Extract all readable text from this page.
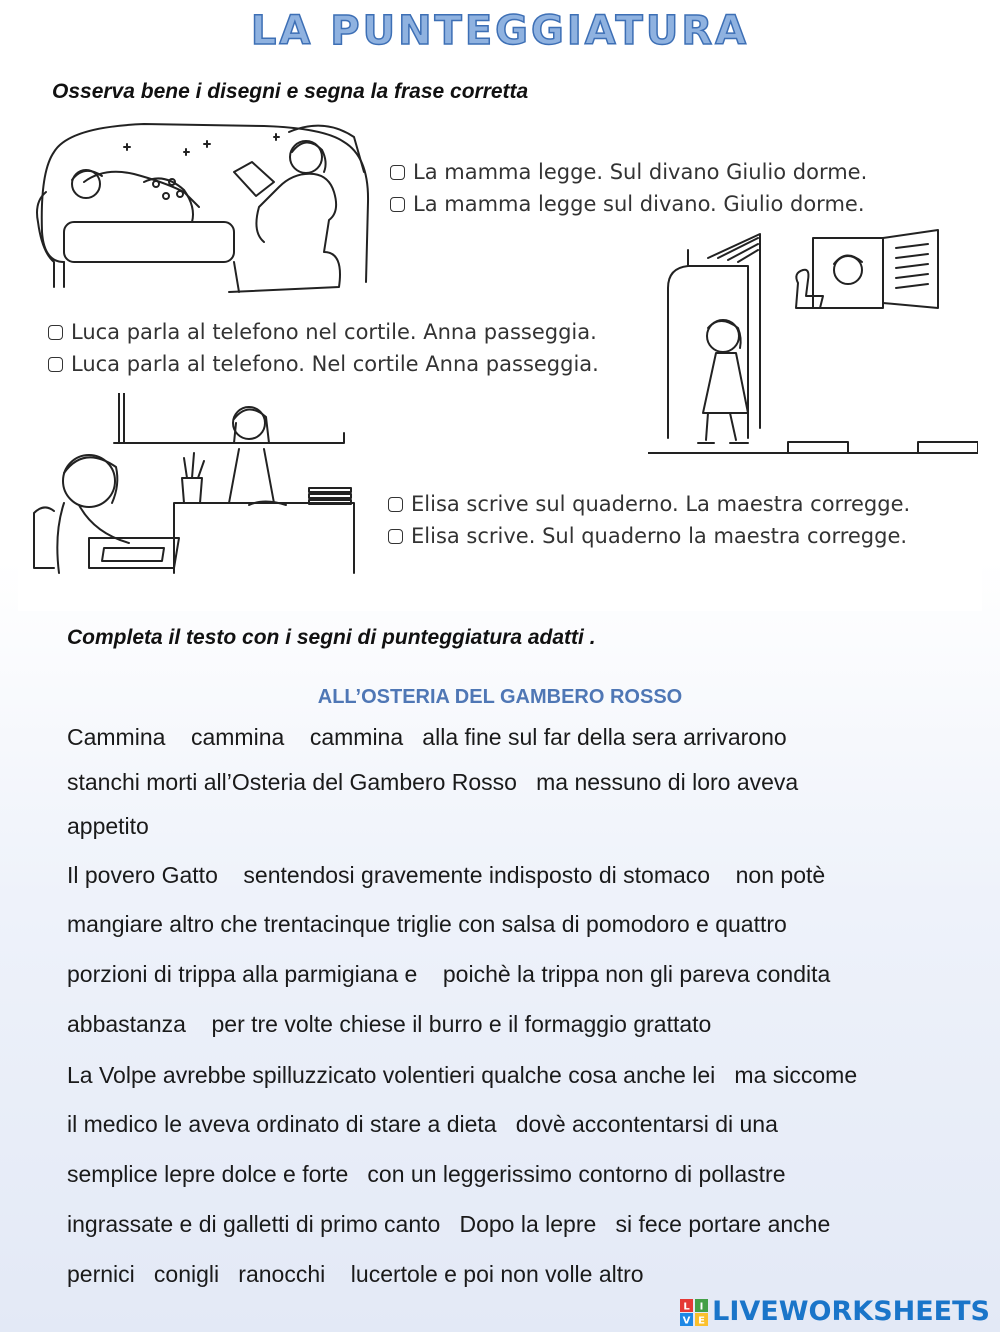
LA PUNTEGGIATURA
Osserva bene i disegni e segna la frase corretta
La mamma legge. Sul divano Giulio dorme.
La mamma legge sul divano. Giulio dorme.
Luca parla al telefono nel cortile. Anna passeggia.
Luca parla al telefono. Nel cortile Anna passeggia.
Elisa scrive sul quaderno. La maestra corregge.
Elisa scrive. Sul quaderno la maestra corregge.
Completa il testo con i segni di punteggiatura adatti .
ALL’OSTERIA DEL GAMBERO ROSSO
Cammina    cammina    cammina   alla fine sul far della sera arrivarono
stanchi morti all’Osteria del Gambero Rosso   ma nessuno di loro aveva
appetito
Il povero Gatto    sentendosi gravemente indisposto di stomaco    non potè
mangiare altro che trentacinque triglie con salsa di pomodoro e quattro
porzioni di trippa alla parmigiana e    poichè la trippa non gli pareva condita
abbastanza    per tre volte chiese il burro e il formaggio grattato
La Volpe avrebbe spilluzzicato volentieri qualche cosa anche lei   ma siccome
il medico le aveva ordinato di stare a dieta   dovè accontentarsi di una
semplice lepre dolce e forte   con un leggerissimo contorno di pollastre
ingrassate e di galletti di primo canto   Dopo la lepre   si fece portare anche
pernici   conigli   ranocchi    lucertole e poi non volle altro
L I
V E LIVEWORKSHEETS
